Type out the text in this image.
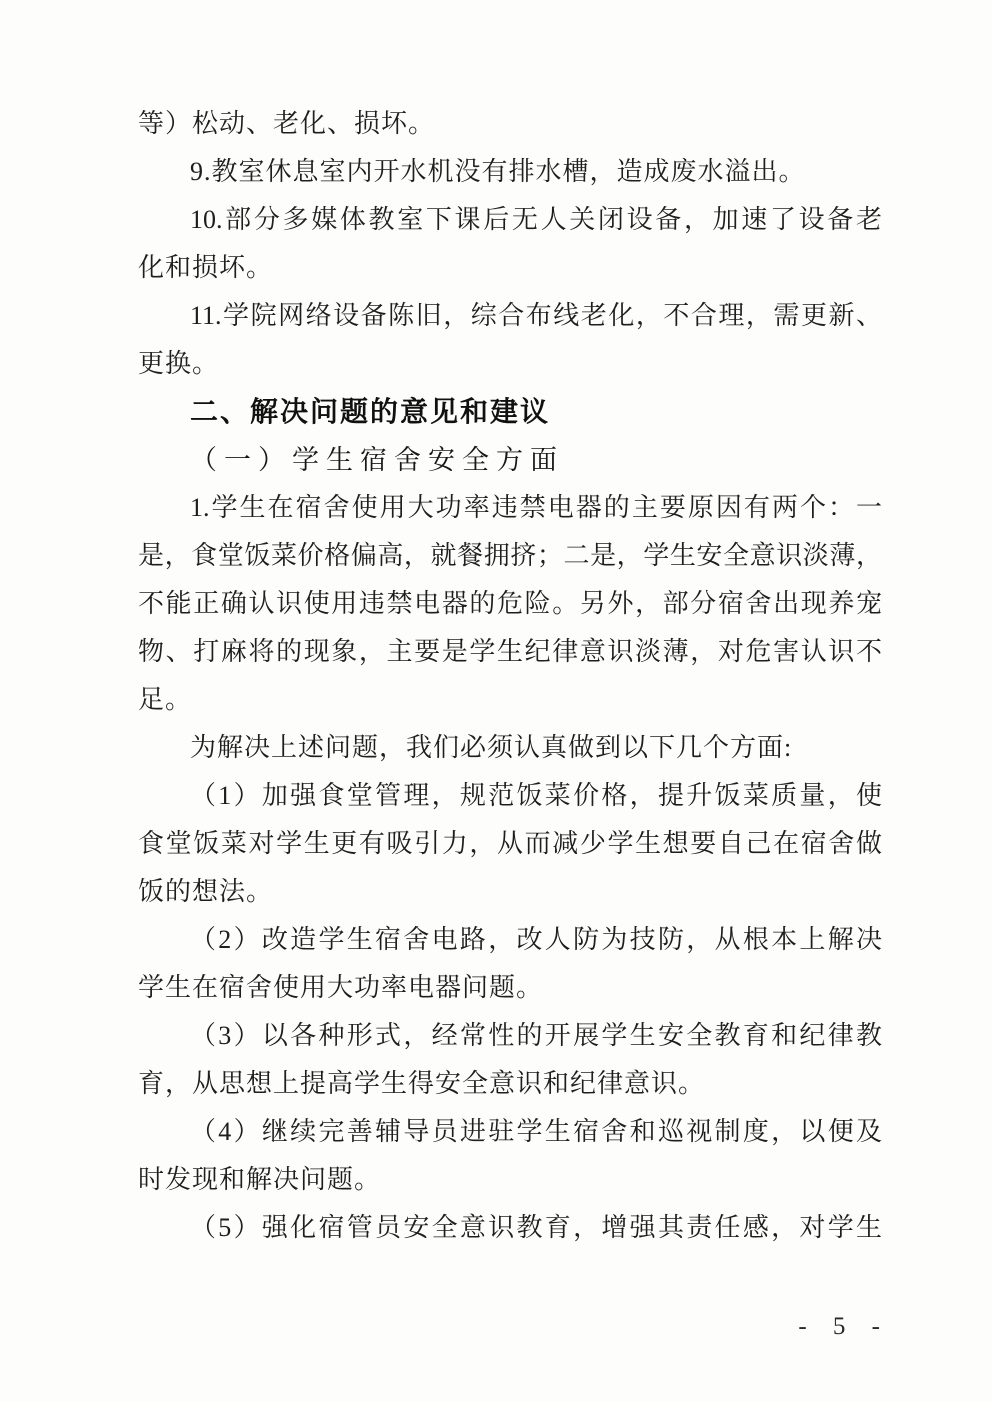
等）松动、老化、损坏。
9.教室休息室内开水机没有排水槽，造成废水溢出。
10.部分多媒体教室下课后无人关闭设备，加速了设备老
化和损坏。
11.学院网络设备陈旧，综合布线老化，不合理，需更新、
更换。
二、解决问题的意见和建议
（一）学生宿舍安全方面
1.学生在宿舍使用大功率违禁电器的主要原因有两个：一
是，食堂饭菜价格偏高，就餐拥挤；二是，学生安全意识淡薄，
不能正确认识使用违禁电器的危险。另外，部分宿舍出现养宠
物、打麻将的现象，主要是学生纪律意识淡薄，对危害认识不
足。
为解决上述问题，我们必须认真做到以下几个方面:
（1）加强食堂管理，规范饭菜价格，提升饭菜质量，使
食堂饭菜对学生更有吸引力，从而减少学生想要自己在宿舍做
饭的想法。
（2）改造学生宿舍电路，改人防为技防，从根本上解决
学生在宿舍使用大功率电器问题。
（3）以各种形式，经常性的开展学生安全教育和纪律教
育，从思想上提高学生得安全意识和纪律意识。
（4）继续完善辅导员进驻学生宿舍和巡视制度，以便及
时发现和解决问题。
（5）强化宿管员安全意识教育，增强其责任感，对学生
- 5 -
